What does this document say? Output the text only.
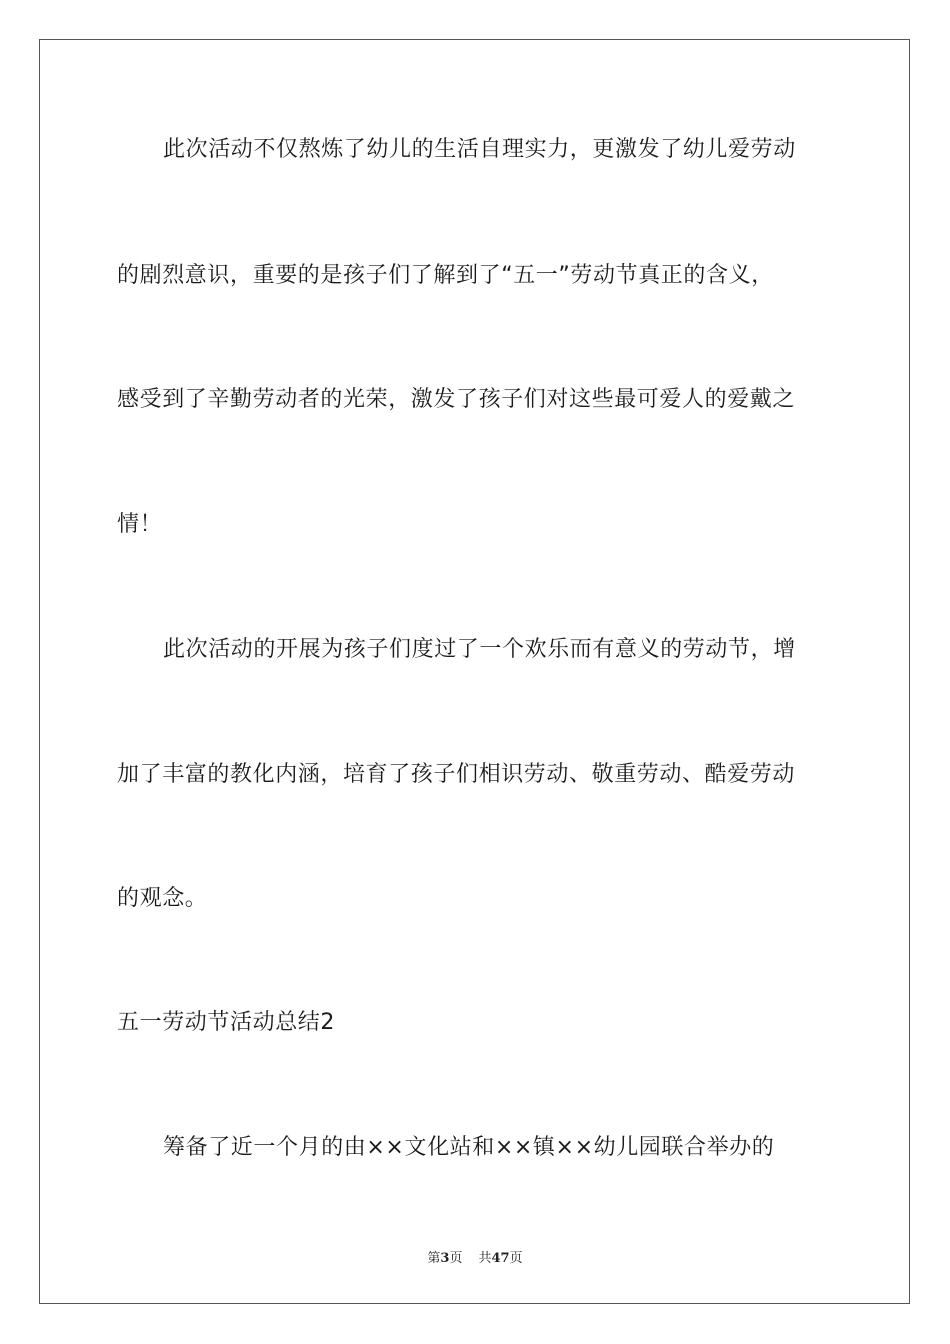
此次活动不仅熬炼了幼儿的生活自理实力，更激发了幼儿爱劳动
的剧烈意识，重要的是孩子们了解到了“五一”劳动节真正的含义，
感受到了辛勤劳动者的光荣，激发了孩子们对这些最可爱人的爱戴之
情！
此次活动的开展为孩子们度过了一个欢乐而有意义的劳动节，增
加了丰富的教化内涵，培育了孩子们相识劳动、敬重劳动、酷爱劳动
的观念。
五一劳动节活动总结2
筹备了近一个月的由××文化站和××镇××幼儿园联合举办的
第3页 共47页
